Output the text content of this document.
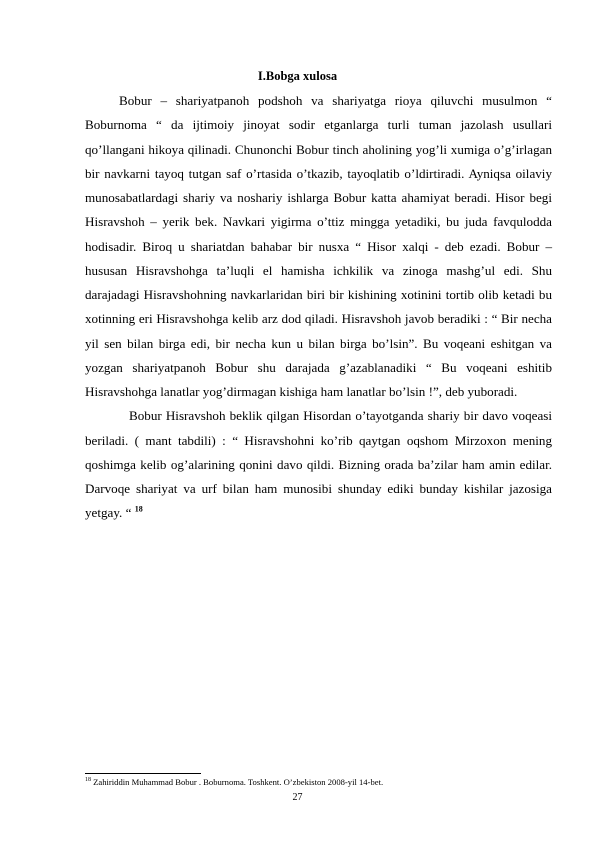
I.Bobga xulosa

Bobur – shariyatpanoh podshoh va shariyatga rioya qiluvchi musulmon “ Boburnoma “ da ijtimoiy jinoyat sodir etganlarga turli tuman jazolash usullari qo’llangani hikoya qilinadi. Chunonchi Bobur tinch aholining yog’li xumiga o’g’irlagan bir navkarni tayoq tutgan saf o’rtasida o’tkazib, tayoqlatib o’ldirtiradi. Ayniqsa oilaviy munosabatlardagi shariy va noshariy ishlarga Bobur katta ahamiyat beradi. Hisor begi Hisravshoh – yerik bek. Navkari yigirma o’ttiz mingga yetadiki, bu juda favqulodda hodisadir. Biroq u shariatdan bahabar bir nusxa “ Hisor xalqi - deb ezadi. Bobur – hususan Hisravshohga ta’luqli el hamisha ichkilik va zinoga mashg’ul edi. Shu darajadagi Hisravshohning navkarlaridan biri bir kishining xotinini tortib olib ketadi bu xotinning eri Hisravshohga kelib arz dod qiladi. Hisravshoh javob beradiki : “ Bir necha yil sen bilan birga edi, bir necha kun u bilan birga bo’lsin”. Bu voqeani eshitgan va yozgan shariyatpanoh Bobur shu darajada g’azablanadiki “ Bu voqeani eshitib Hisravshohga lanatlar yog’dirmagan kishiga ham lanatlar bo’lsin !”, deb yuboradi.

Bobur Hisravshoh beklik qilgan Hisordan o’tayotganda shariy bir davo voqeasi beriladi. ( mant tabdili) : “ Hisravshohni ko’rib qaytgan oqshom Mirzoxon mening qoshimga kelib og’alarining qonini davo qildi. Bizning orada ba’zilar ham amin edilar. Darvoqe shariyat va urf bilan ham munosibi shunday ediki bunday kishilar jazosiga yetgay. “ $^{18}$

$^{18}$ Zahiriddin Muhammad Bobur . Boburnoma. Toshkent. O’zbekiston 2008-yil 14-bet.
27
